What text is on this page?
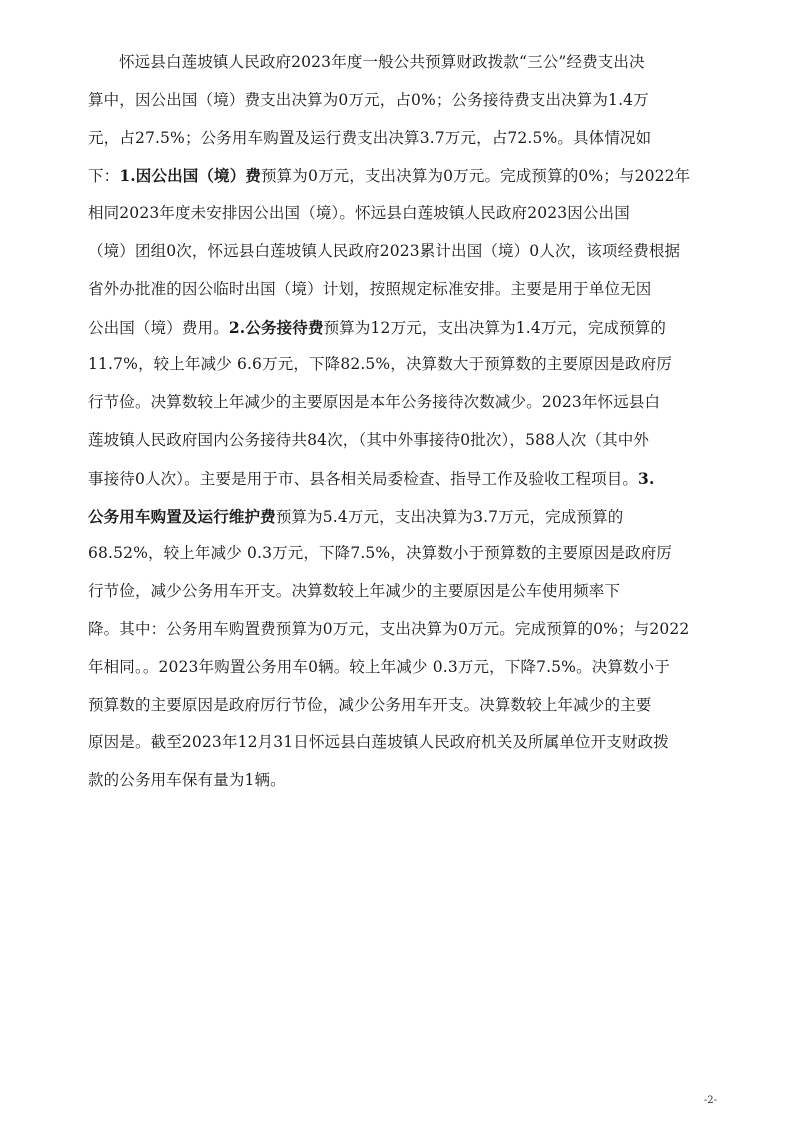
怀远县白莲坡镇人民政府2023年度一般公共预算财政拨款“三公”经费支出决
算中，因公出国（境）费支出决算为0万元，占0%；公务接待费支出决算为1.4万
元，占27.5%；公务用车购置及运行费支出决算3.7万元，占72.5%。具体情况如
下：1.因公出国（境）费预算为0万元，支出决算为0万元。完成预算的0%；与2022年
相同2023年度未安排因公出国（境）。怀远县白莲坡镇人民政府2023因公出国
（境）团组0次，怀远县白莲坡镇人民政府2023累计出国（境）0人次，该项经费根据
省外办批准的因公临时出国（境）计划，按照规定标准安排。主要是用于单位无因
公出国（境）费用。2.公务接待费预算为12万元，支出决算为1.4万元，完成预算的
11.7%，较上年减少 6.6万元，下降82.5%，决算数大于预算数的主要原因是政府厉
行节俭。决算数较上年减少的主要原因是本年公务接待次数减少。2023年怀远县白
莲坡镇人民政府国内公务接待共84次，（其中外事接待0批次），588人次（其中外
事接待0人次）。主要是用于市、县各相关局委检查、指导工作及验收工程项目。3.
公务用车购置及运行维护费预算为5.4万元，支出决算为3.7万元，完成预算的
68.52%，较上年减少 0.3万元，下降7.5%，决算数小于预算数的主要原因是政府厉
行节俭，减少公务用车开支。决算数较上年减少的主要原因是公车使用频率下
降。其中：公务用车购置费预算为0万元，支出决算为0万元。完成预算的0%；与2022
年相同。。2023年购置公务用车0辆。较上年减少 0.3万元，下降7.5%。决算数小于
预算数的主要原因是政府厉行节俭，减少公务用车开支。决算数较上年减少的主要
原因是。截至2023年12月31日怀远县白莲坡镇人民政府机关及所属单位开支财政拨
款的公务用车保有量为1辆。
-2-
